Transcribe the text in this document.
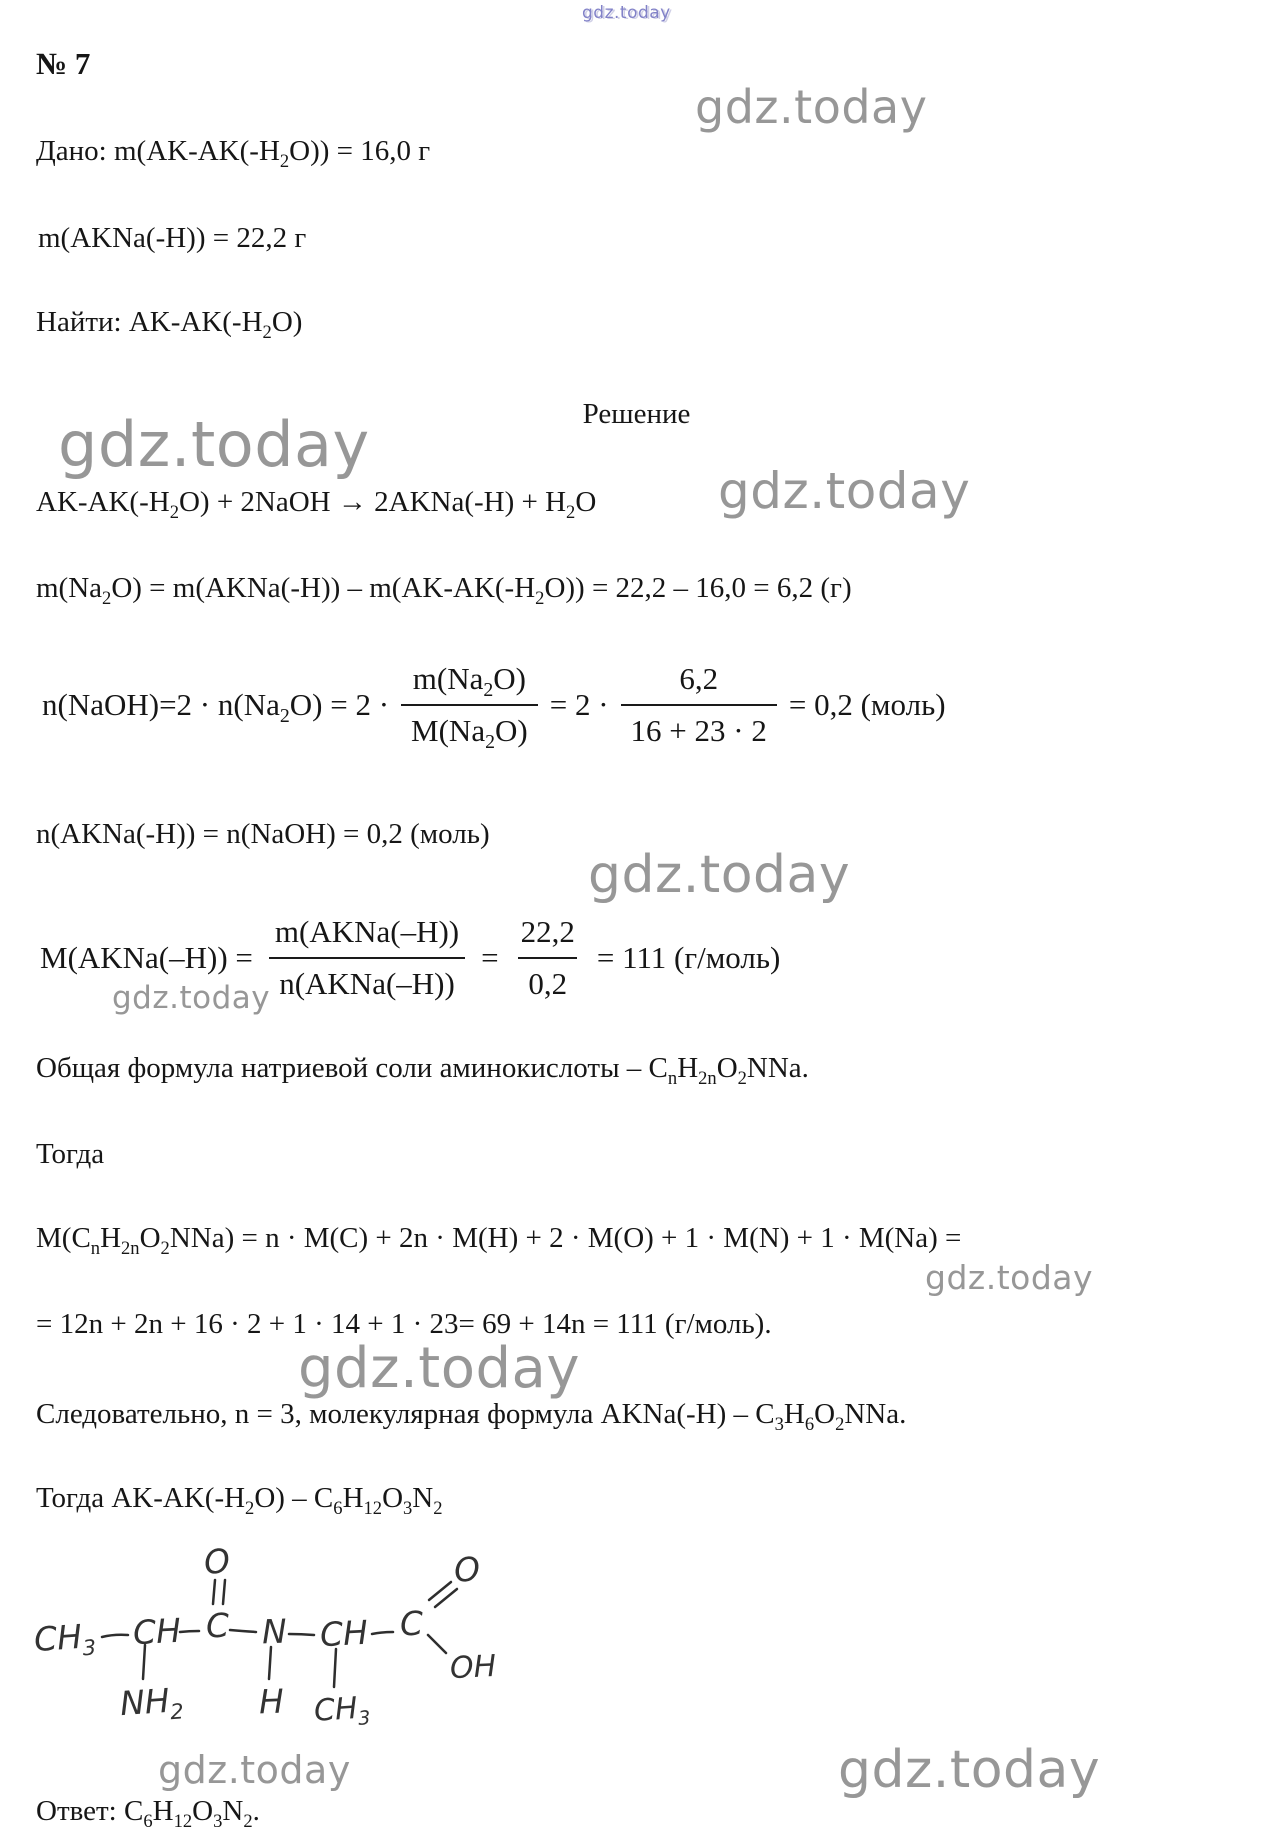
gdz.today
gdz.today
gdz.today
gdz.today
gdz.today
gdz.today
gdz.today
gdz.today
gdz.today	gdz.today
№ 7
Дано: $m(AK-AK(-H_2O)) = 16,0$ г
m(AKNa(-H)) = 22,2 г
Найти: $AK-AK(-H_2O)$
Решение
$AK-AK(-H_2O)$ + 2NaOH → 2AKNa(-H) + $H_2O$
$m(Na_2O)$ = m(AKNa(-H)) – $m(AK-AK(-H_2O)) = 22,2 - 16,0 = 6,2$ (г)
n(NaOH)=2 · $n(Na_2O) = 2 \cdot \frac{m(Na_2O)}{M(Na_2O)} = 2 \cdot \frac{6,2}{16 + 23 \cdot 2} = 0,2$ (моль)
n(AKNa(-H)) = n(NaOH) = 0,2 (моль)
M(AKNa(–H)) = $\frac{\text{m(AKNa(–H))}}{\text{n(AKNa(–H))}} = \frac{22,2}{0,2} = 111$ (г/моль)
Общая формула натриевой соли аминокислоты – $C_nH_{2n}O_2NNa$.
Тогда
$M(C_nH_{2n}O_2NNa) = n \cdot M(C) + 2n \cdot M(H) + 2 \cdot M(O) + 1 \cdot M(N) + 1 \cdot M(Na)$ =
= 12n + 2n + 16 · 2 + 1 · 14 + 1 · 23= 69 + 14n = 111 (г/моль).
Следовательно, n = 3, молекулярная формула AKNa(-H) – $C_3H_6O_2NNa$.
Тогда $AK-AK(-H_2O) - C_6H_{12}O_3N_2$
$CH_3$ CH C N CH C
O	O
OH
$NH_2$ H $CH_3$
Ответ: $C_6H_{12}O_3N_2$.
